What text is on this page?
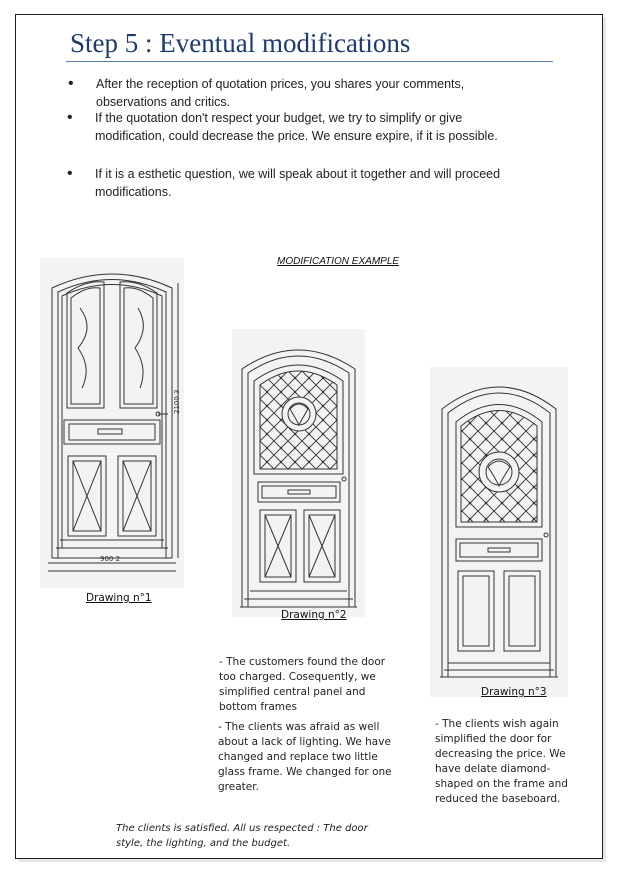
Step 5 : Eventual modifications
• After the reception of quotation prices, you shares your comments, observations and critics.
• If the quotation don't respect your budget, we try to simplify or give modification, could decrease the price. We ensure expire, if it is possible.
• If it is a esthetic question, we will speak about it together and will proceed modifications.
MODIFICATION EXAMPLE
900 2
2100 3
Drawing n°1
Drawing n°2
Drawing n°3
- The customers found the door too charged. Cosequently, we simplified central panel and bottom frames
- The clients was afraid as well about a lack of lighting. We have changed and replace two little glass frame. We changed for one greater.
- The clients wish again simplified the door for decreasing the price. We have delate diamond-shaped on the frame and reduced the baseboard.
The clients is satisfied. All us respected : The door style, the lighting, and the budget.
